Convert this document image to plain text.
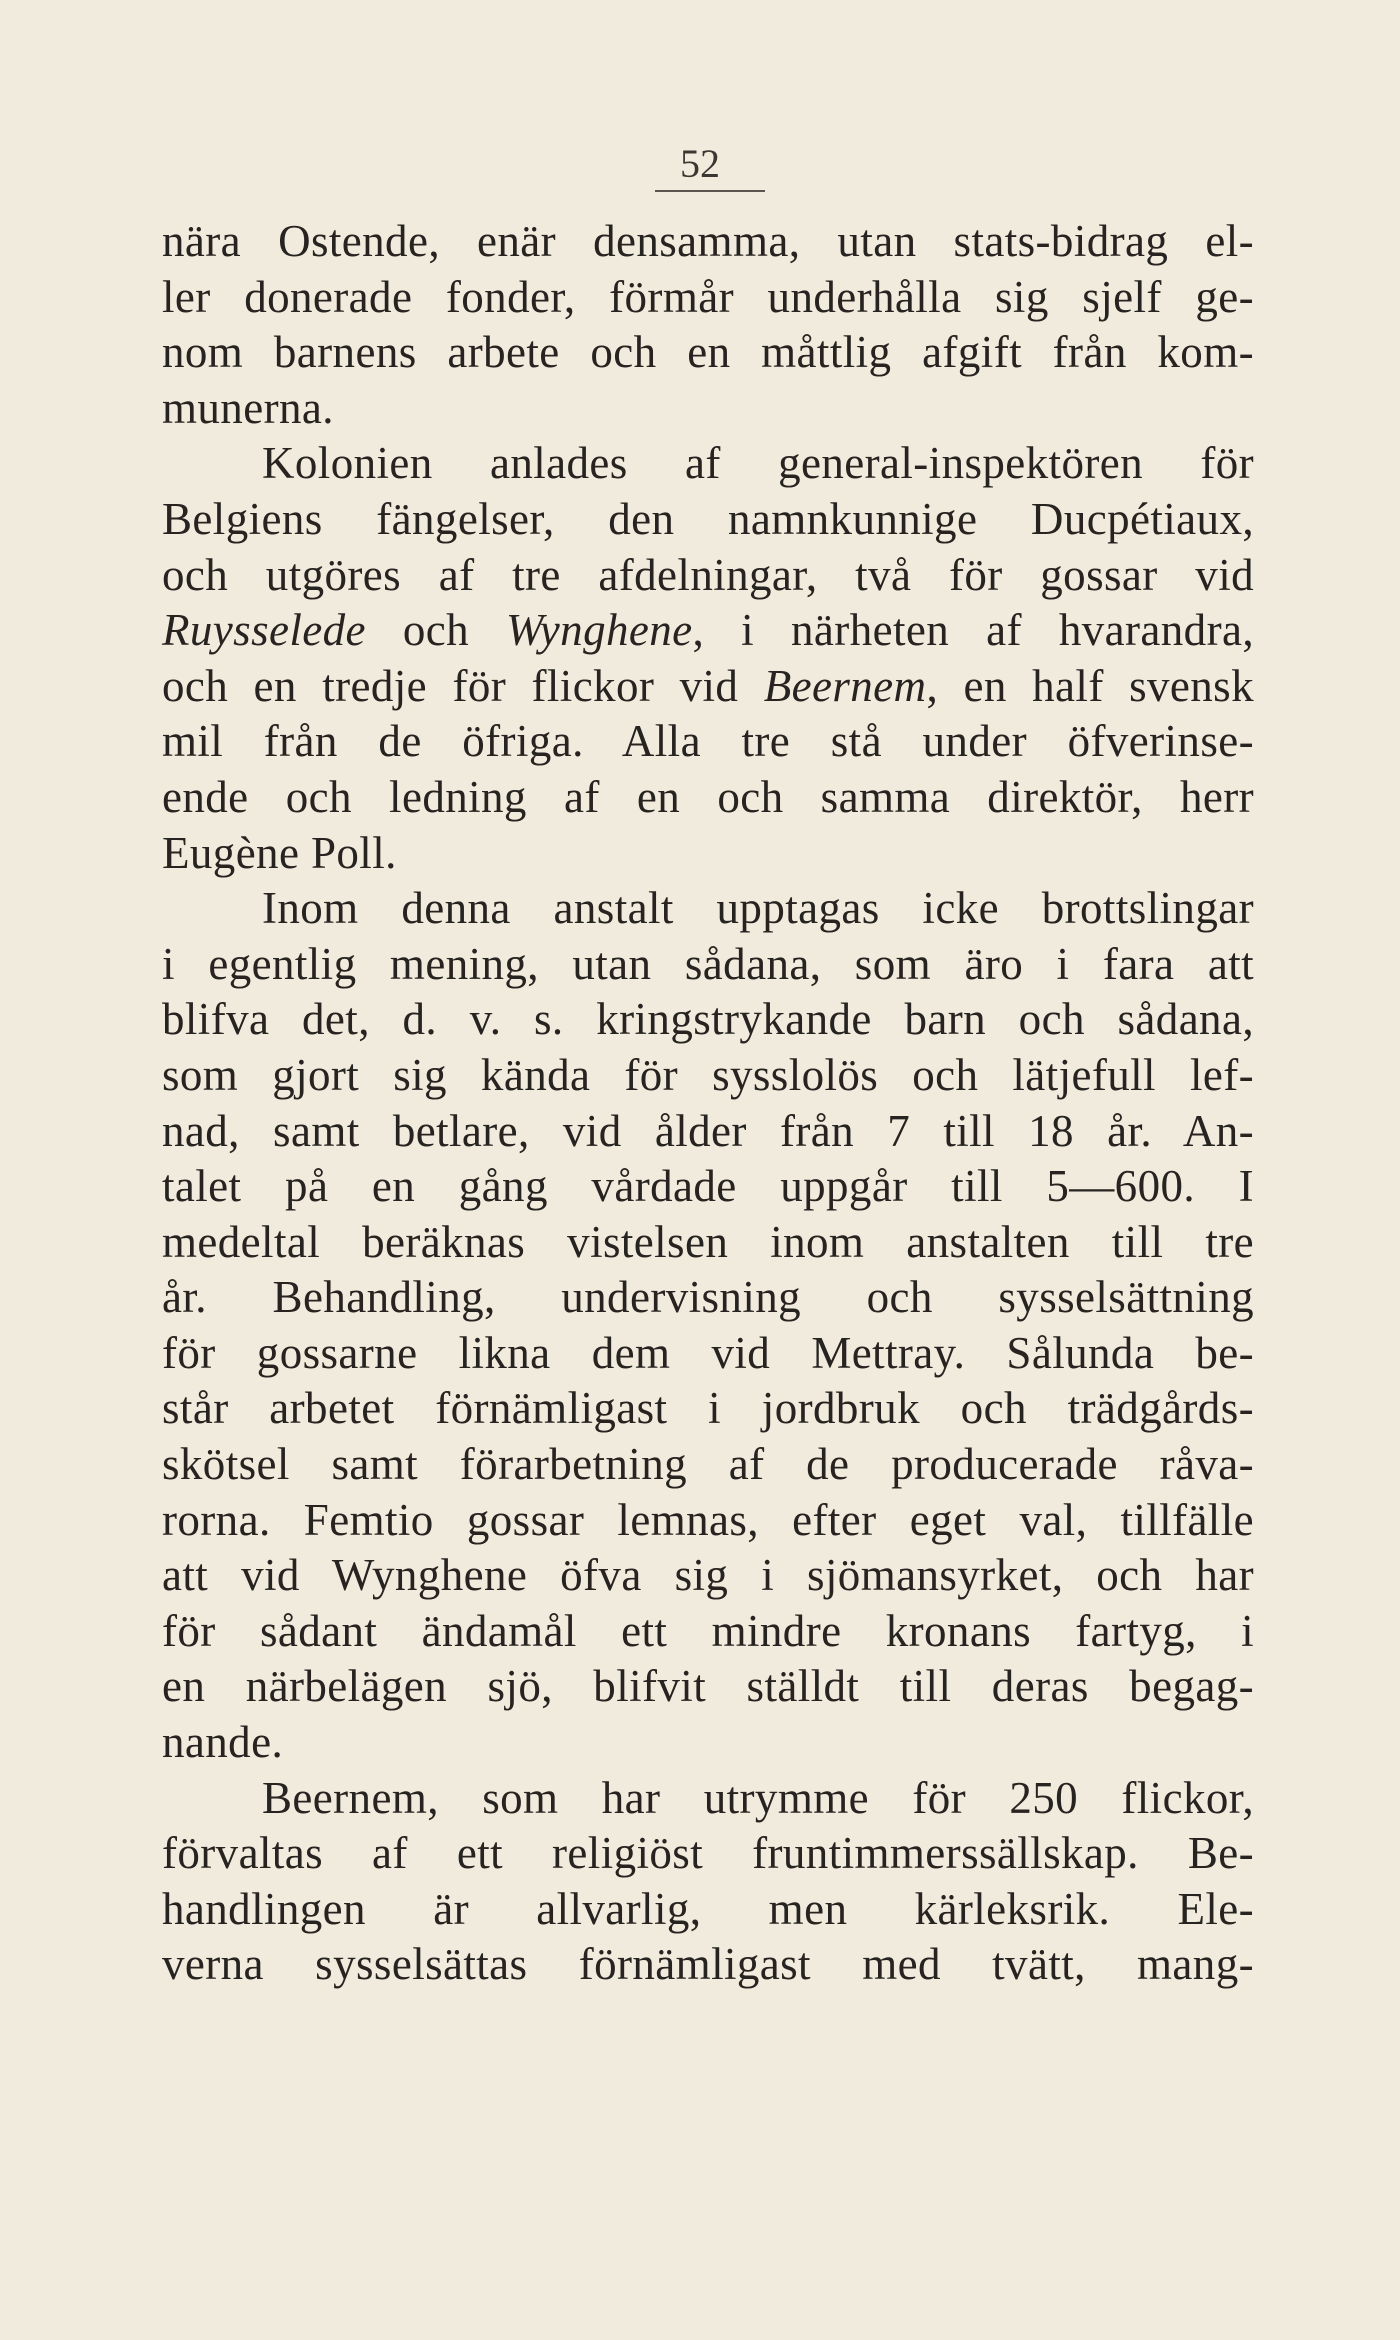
52
nära Ostende, enär densamma, utan stats-bidrag el-
ler donerade fonder, förmår underhålla sig sjelf ge-
nom barnens arbete och en måttlig afgift från kom-
munerna.
Kolonien anlades af general-inspektören för
Belgiens fängelser, den namnkunnige Ducpétiaux,
och utgöres af tre afdelningar, två för gossar vid
Ruysselede och Wynghene, i närheten af hvarandra,
och en tredje för flickor vid Beernem, en half svensk
mil från de öfriga. Alla tre stå under öfverinse-
ende och ledning af en och samma direktör, herr
Eugène Poll.
Inom denna anstalt upptagas icke brottslingar
i egentlig mening, utan sådana, som äro i fara att
blifva det, d. v. s. kringstrykande barn och sådana,
som gjort sig kända för sysslolös och lätjefull lef-
nad, samt betlare, vid ålder från 7 till 18 år. An-
talet på en gång vårdade uppgår till 5—600. I
medeltal beräknas vistelsen inom anstalten till tre
år. Behandling, undervisning och sysselsättning
för gossarne likna dem vid Mettray. Sålunda be-
står arbetet förnämligast i jordbruk och trädgårds-
skötsel samt förarbetning af de producerade råva-
rorna. Femtio gossar lemnas, efter eget val, tillfälle
att vid Wynghene öfva sig i sjömansyrket, och har
för sådant ändamål ett mindre kronans fartyg, i
en närbelägen sjö, blifvit ställdt till deras begag-
nande.
Beernem, som har utrymme för 250 flickor,
förvaltas af ett religiöst fruntimmerssällskap. Be-
handlingen är allvarlig, men kärleksrik. Ele-
verna sysselsättas förnämligast med tvätt, mang-
